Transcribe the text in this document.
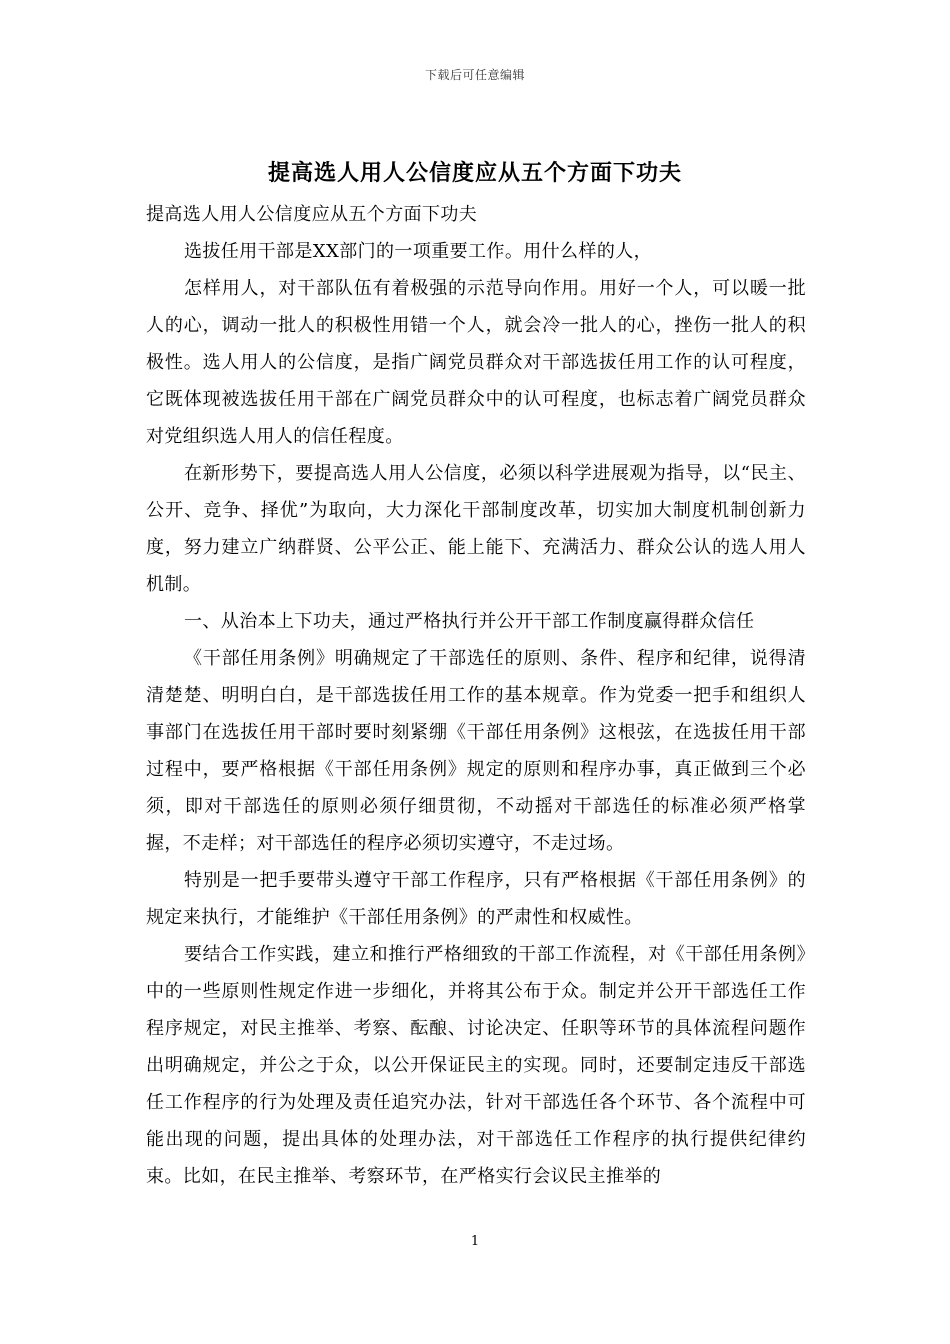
下载后可任意编辑
提高选人用人公信度应从五个方面下功夫

提高选人用人公信度应从五个方面下功夫

选拔任用干部是XX部门的一项重要工作。用什么样的人，

怎样用人，对干部队伍有着极强的示范导向作用。用好一个人，可以暖一批人的心，调动一批人的积极性用错一个人，就会冷一批人的心，挫伤一批人的积极性。选人用人的公信度，是指广阔党员群众对干部选拔任用工作的认可程度，它既体现被选拔任用干部在广阔党员群众中的认可程度，也标志着广阔党员群众对党组织选人用人的信任程度。

在新形势下，要提高选人用人公信度，必须以科学进展观为指导，以“民主、公开、竞争、择优”为取向，大力深化干部制度改革，切实加大制度机制创新力度，努力建立广纳群贤、公平公正、能上能下、充满活力、群众公认的选人用人机制。

一、从治本上下功夫，通过严格执行并公开干部工作制度赢得群众信任

《干部任用条例》明确规定了干部选任的原则、条件、程序和纪律，说得清清楚楚、明明白白，是干部选拔任用工作的基本规章。作为党委一把手和组织人事部门在选拔任用干部时要时刻紧绷《干部任用条例》这根弦，在选拔任用干部过程中，要严格根据《干部任用条例》规定的原则和程序办事，真正做到三个必须，即对干部选任的原则必须仔细贯彻，不动摇对干部选任的标准必须严格掌握，不走样；对干部选任的程序必须切实遵守，不走过场。

特别是一把手要带头遵守干部工作程序，只有严格根据《干部任用条例》的规定来执行，才能维护《干部任用条例》的严肃性和权威性。

要结合工作实践，建立和推行严格细致的干部工作流程，对《干部任用条例》中的一些原则性规定作进一步细化，并将其公布于众。制定并公开干部选任工作程序规定，对民主推举、考察、酝酿、讨论决定、任职等环节的具体流程问题作出明确规定，并公之于众，以公开保证民主的实现。同时，还要制定违反干部选任工作程序的行为处理及责任追究办法，针对干部选任各个环节、各个流程中可能出现的问题，提出具体的处理办法，对干部选任工作程序的执行提供纪律约束。比如，在民主推举、考察环节，在严格实行会议民主推举的

1
